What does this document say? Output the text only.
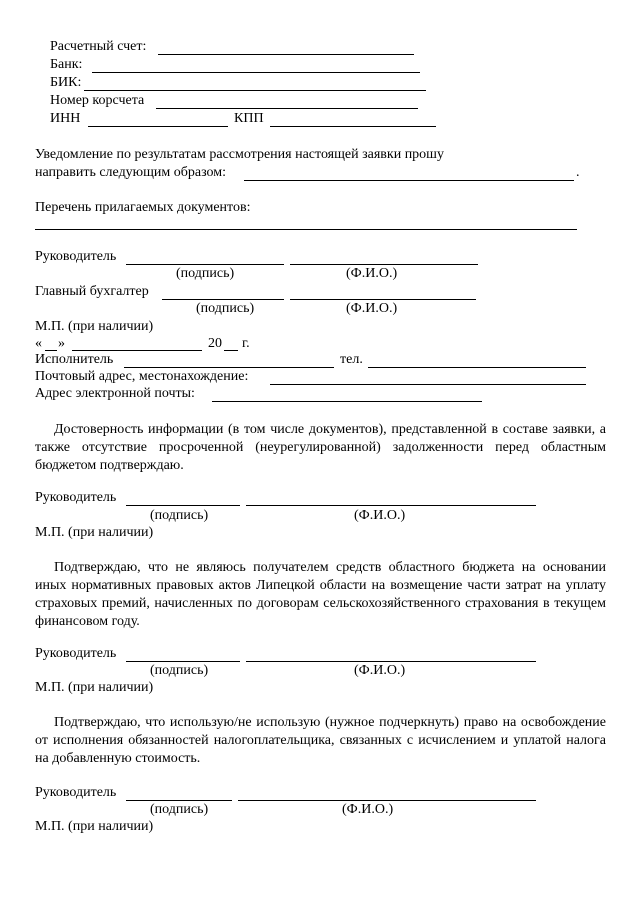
Расчетный счет:
Банк:
БИК:
Номер корсчета
ИНН	КПП
Уведомление по результатам рассмотрения настоящей заявки прошу
направить следующим образом:	.
Перечень прилагаемых документов:
Руководитель
(подпись)	(Ф.И.О.)
Главный бухгалтер
(подпись)	(Ф.И.О.)
М.П. (при наличии)
« »	20 г.
Исполнитель	тел.
Почтовый адрес, местонахождение:
Адрес электронной почты:
Достоверность информации (в том числе документов), представленной в составе заявки, а также отсутствие просроченной (неурегулированной) задолженности перед областным бюджетом подтверждаю.
Руководитель
(подпись)	(Ф.И.О.)
М.П. (при наличии)
Подтверждаю, что не являюсь получателем средств областного бюджета на основании иных нормативных правовых актов Липецкой области на возмещение части затрат на уплату страховых премий, начисленных по договорам сельскохозяйственного страхования в текущем финансовом году.
Руководитель
(подпись)	(Ф.И.О.)
М.П. (при наличии)
Подтверждаю, что использую/не использую (нужное подчеркнуть) право на освобождение от исполнения обязанностей налогоплательщика, связанных с исчислением и уплатой налога на добавленную стоимость.
Руководитель
(подпись)	(Ф.И.О.)
М.П. (при наличии)
